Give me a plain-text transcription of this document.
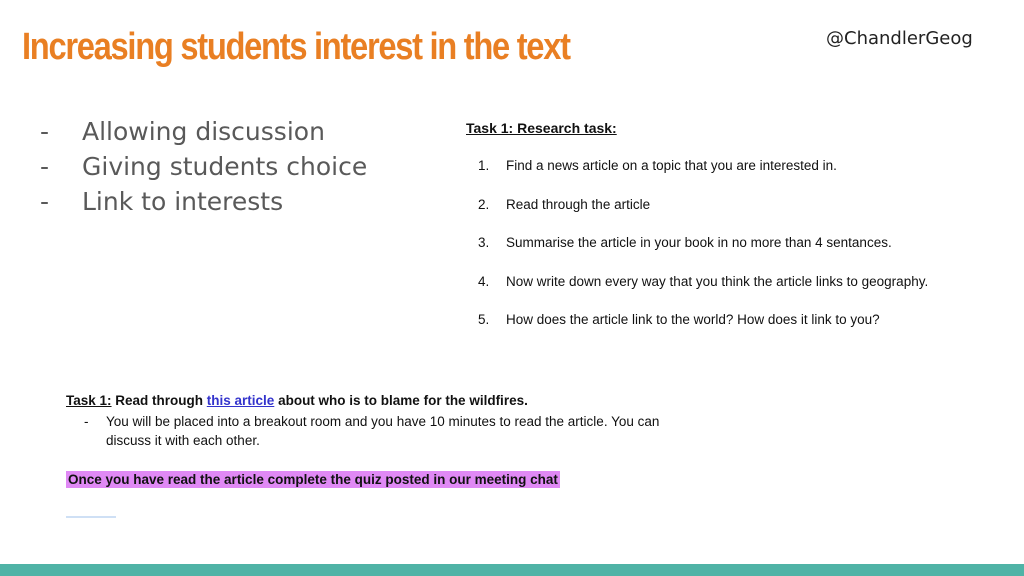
Increasing students interest in the text	@ChandlerGeog
-	Allowing discussion
-	Giving students choice
-	Link to interests
Task 1: Research task:
1.	Find a news article on a topic that you are interested in.
2.	Read through the article
3.	Summarise the article in your book in no more than 4 sentances.
4.	Now write down every way that you think the article links to geography.
5.	How does the article link to the world? How does it link to you?
Task 1: Read through this article about who is to blame for the wildfires.
-	You will be placed into a breakout room and you have 10 minutes to read the article. You can discuss it with each other.
Once you have read the article complete the quiz posted in our meeting chat
